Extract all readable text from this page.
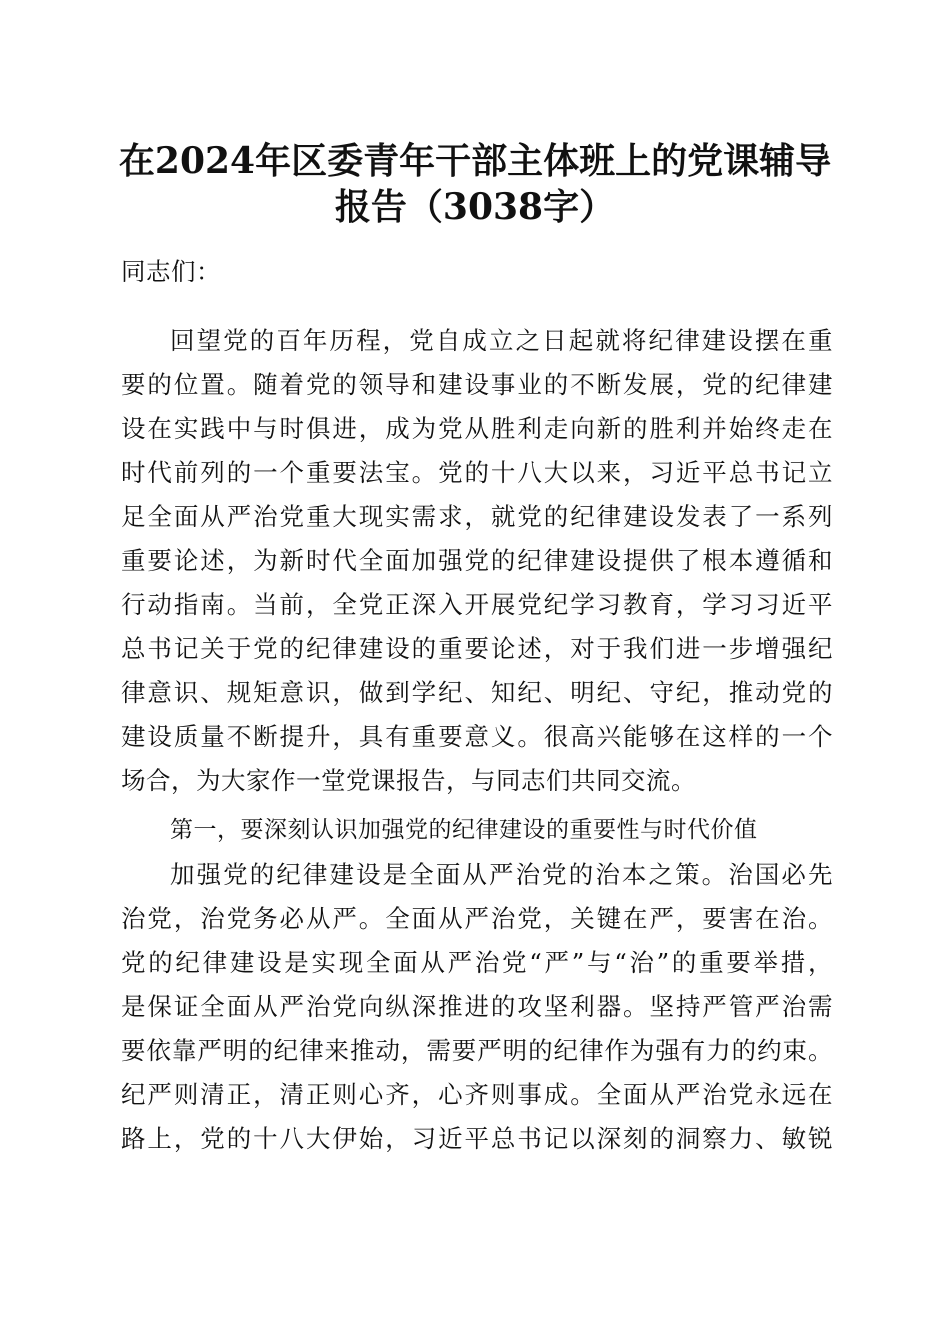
在2024年区委青年干部主体班上的党课辅导
报告（3038字）
同志们：
回望党的百年历程，党自成立之日起就将纪律建设摆在重
要的位置。随着党的领导和建设事业的不断发展，党的纪律建
设在实践中与时俱进，成为党从胜利走向新的胜利并始终走在
时代前列的一个重要法宝。党的十八大以来，习近平总书记立
足全面从严治党重大现实需求，就党的纪律建设发表了一系列
重要论述，为新时代全面加强党的纪律建设提供了根本遵循和
行动指南。当前，全党正深入开展党纪学习教育，学习习近平
总书记关于党的纪律建设的重要论述，对于我们进一步增强纪
律意识、规矩意识，做到学纪、知纪、明纪、守纪，推动党的
建设质量不断提升，具有重要意义。很高兴能够在这样的一个
场合，为大家作一堂党课报告，与同志们共同交流。
第一，要深刻认识加强党的纪律建设的重要性与时代价值
加强党的纪律建设是全面从严治党的治本之策。治国必先
治党，治党务必从严。全面从严治党，关键在严，要害在治。
党的纪律建设是实现全面从严治党“严”与“治”的重要举措，
是保证全面从严治党向纵深推进的攻坚利器。坚持严管严治需
要依靠严明的纪律来推动，需要严明的纪律作为强有力的约束。
纪严则清正，清正则心齐，心齐则事成。全面从严治党永远在
路上，党的十八大伊始，习近平总书记以深刻的洞察力、敏锐
